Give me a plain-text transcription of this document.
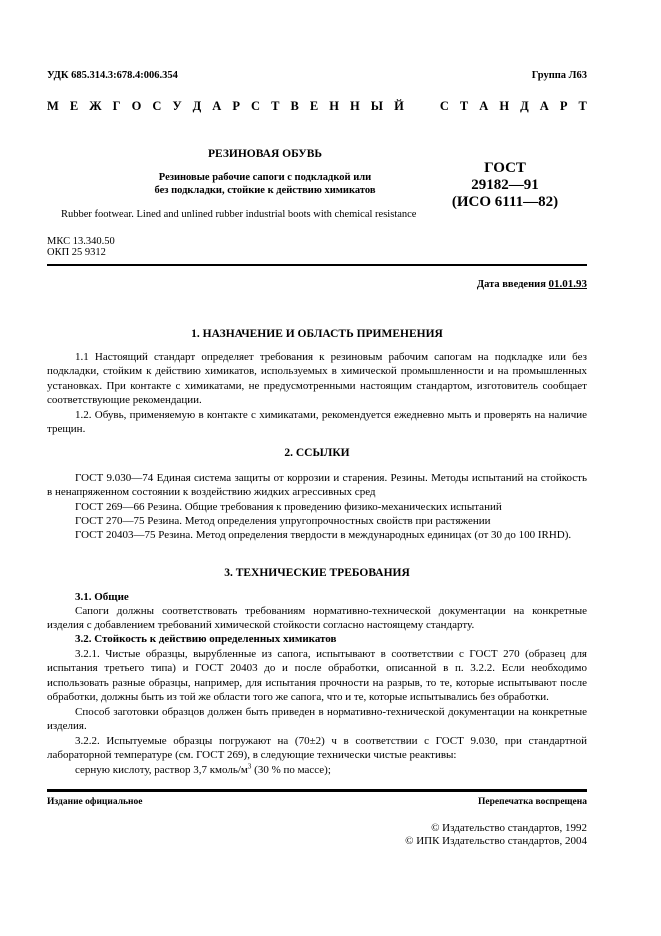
УДК 685.314.3:678.4:006.354	Группа Л63
М Е Ж Г О С У Д А Р С Т В Е Н Н Ы Й	С Т А Н Д А Р Т
РЕЗИНОВАЯ ОБУВЬ
Резиновые рабочие сапоги с подкладкой или
без подкладки, стойкие к действию химикатов
ГОСТ
29182—91
(ИСО 6111—82)
Rubber footwear. Lined and unlined rubber industrial boots with chemical resistance
МКС 13.340.50
ОКП 25 9312
Дата введения 01.01.93
1. НАЗНАЧЕНИЕ И ОБЛАСТЬ ПРИМЕНЕНИЯ

1.1 Настоящий стандарт определяет требования к резиновым рабочим сапогам на подкладке или без подкладки, стойким к действию химикатов, используемых в химической промышленности и на промышленных установках. При контакте с химикатами, не предусмотренными настоящим стандартом, изготовитель сообщает соответствующие рекомендации.

1.2. Обувь, применяемую в контакте с химикатами, рекомендуется ежедневно мыть и проверять на наличие трещин.

2. ССЫЛКИ

ГОСТ 9.030—74 Единая система защиты от коррозии и старения. Резины. Методы испытаний на стойкость в ненапряженном состоянии к воздействию жидких агрессивных сред

ГОСТ 269—66 Резина. Общие требования к проведению физико-механических испытаний

ГОСТ 270—75 Резина. Метод определения упругопрочностных свойств при растяжении

ГОСТ 20403—75 Резина. Метод определения твердости в международных единицах (от 30 до 100 IRHD).

3. ТЕХНИЧЕСКИЕ ТРЕБОВАНИЯ
3.1. Общие

Сапоги должны соответствовать требованиям нормативно-технической документации на конкретные изделия с добавлением требований химической стойкости согласно настоящему стандарту.

3.2. Стойкость к действию определенных химикатов

3.2.1. Чистые образцы, вырубленные из сапога, испытывают в соответствии с ГОСТ 270 (образец для испытания третьего типа) и ГОСТ 20403 до и после обработки, описанной в п. 3.2.2. Если необходимо использовать разные образцы, например, для испытания прочности на разрыв, то те, которые испытывают после обработки, должны быть из той же области того же сапога, что и те, которые испытывались без обработки.

Способ заготовки образцов должен быть приведен в нормативно-технической документации на конкретные изделия.

3.2.2. Испытуемые образцы погружают на (70±2) ч в соответствии с ГОСТ 9.030, при стандартной лабораторной температуре (см. ГОСТ 269), в следующие технически чистые реактивы:

серную кислоту, раствор 3,7 кмоль/$м^3$ (30 % по массе);

Издание официальное	Перепечатка воспрещена
© Издательство стандартов, 1992
© ИПК Издательство стандартов, 2004
